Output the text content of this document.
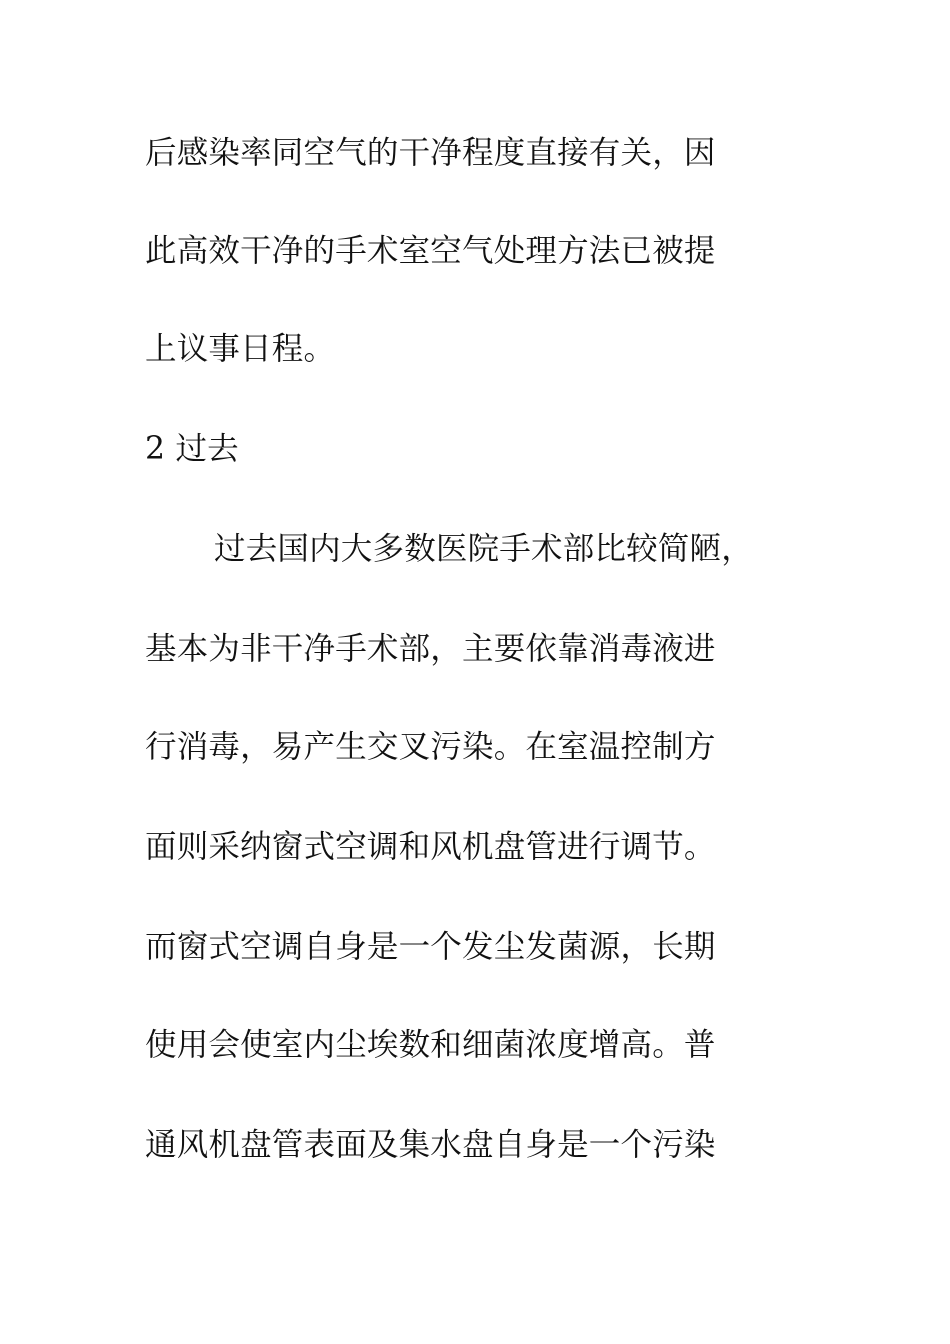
后感染率同空气的干净程度直接有关，因
此高效干净的手术室空气处理方法已被提
上议事日程。
2 过去
过去国内大多数医院手术部比较简陋，
基本为非干净手术部，主要依靠消毒液进
行消毒，易产生交叉污染。在室温控制方
面则采纳窗式空调和风机盘管进行调节。
而窗式空调自身是一个发尘发菌源，长期
使用会使室内尘埃数和细菌浓度增高。普
通风机盘管表面及集水盘自身是一个污染
